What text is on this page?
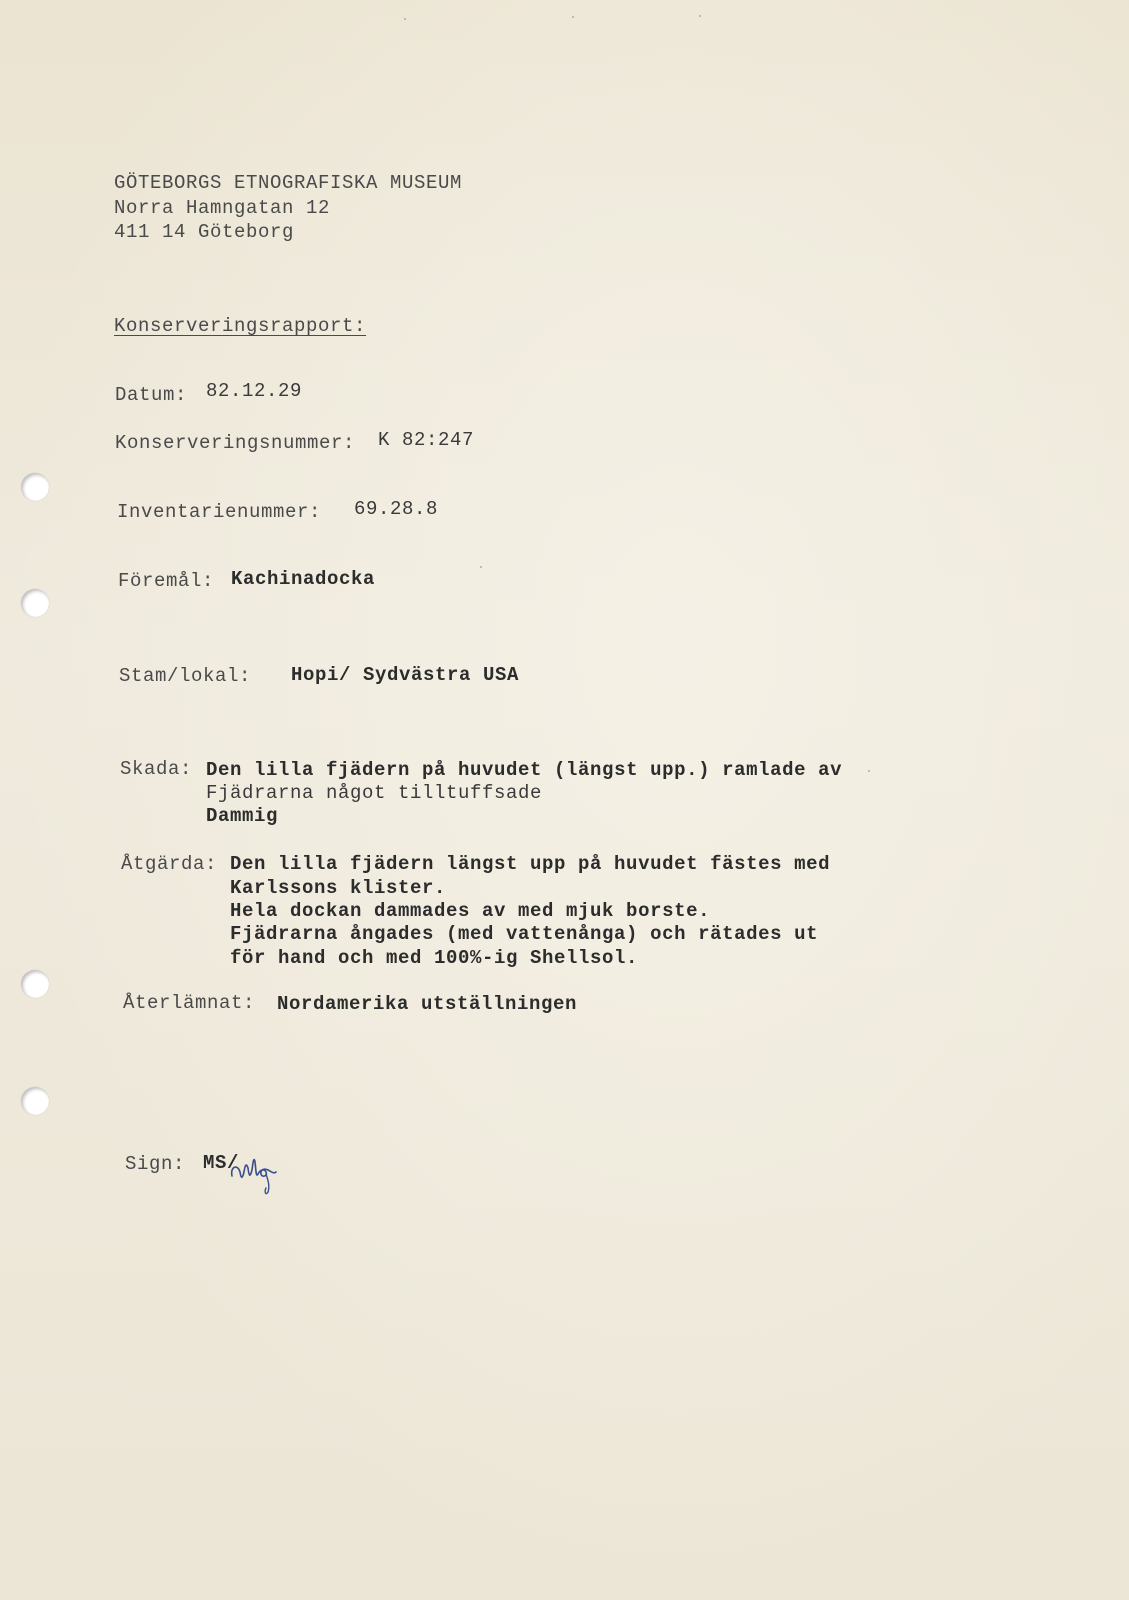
GÖTEBORGS ETNOGRAFISKA MUSEUM
Norra Hamngatan 12
411 14 Göteborg
Konserveringsrapport:
Datum: 82.12.29
Konserveringsnummer: K 82:247
Inventarienummer: 69.28.8
Föremål: Kachinadocka
Stam/lokal: Hopi/ Sydvästra USA
Skada: Den lilla fjädern på huvudet (längst upp.) ramlade av
Fjädrarna något tilltuffsade
Dammig
Åtgärda: Den lilla fjädern längst upp på huvudet fästes med
Karlssons klister.
Hela dockan dammades av med mjuk borste.
Fjädrarna ångades (med vattenånga) och rätades ut
för hand och med 100%-ig Shellsol.
Återlämnat: Nordamerika utställningen
Sign: MS/
